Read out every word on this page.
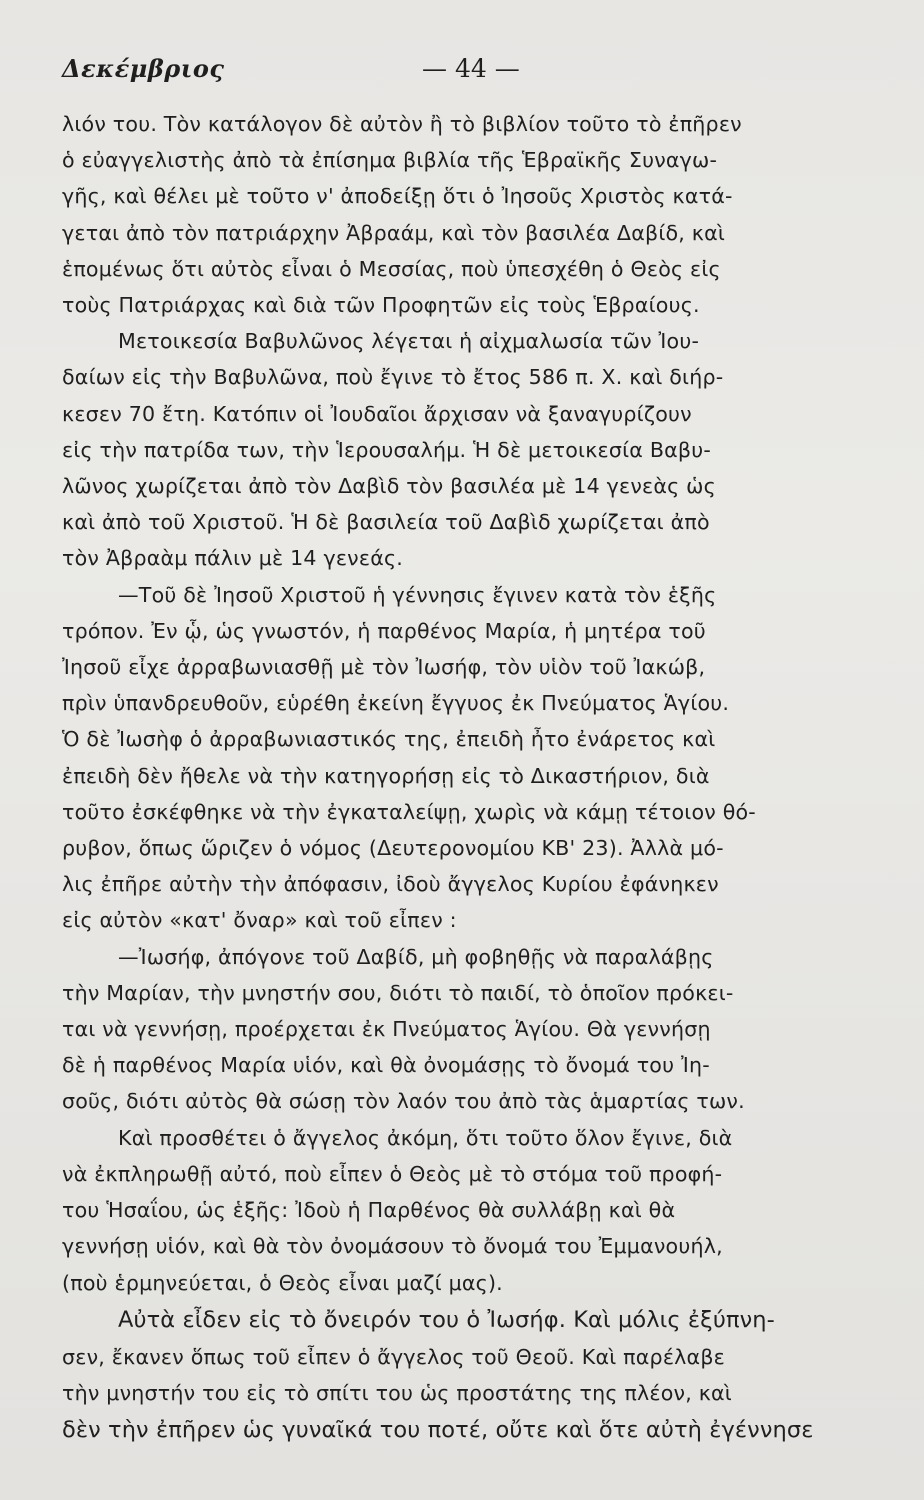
Δεκέμβριος	— 44 —
λιόν του. Τὸν κατάλογον δὲ αὐτὸν ἢ τὸ βιβλίον τοῦτο τὸ ἐπῆρεν
ὁ εὐαγγελιστὴς ἀπὸ τὰ ἐπίσημα βιβλία τῆς Ἑβραϊκῆς Συναγω-
γῆς, καὶ θέλει μὲ τοῦτο ν' ἀποδείξῃ ὅτι ὁ Ἰησοῦς Χριστὸς κατά-
γεται ἀπὸ τὸν πατριάρχην Ἀβραάμ, καὶ τὸν βασιλέα Δαβίδ, καὶ
ἑπομένως ὅτι αὐτὸς εἶναι ὁ Μεσσίας, ποὺ ὑπεσχέθη ὁ Θεὸς εἰς
τοὺς Πατριάρχας καὶ διὰ τῶν Προφητῶν εἰς τοὺς Ἑβραίους.
Μετοικεσία Βαβυλῶνος λέγεται ἡ αἰχμαλωσία τῶν Ἰου-
δαίων εἰς τὴν Βαβυλῶνα, ποὺ ἔγινε τὸ ἔτος 586 π. Χ. καὶ διήρ-
κεσεν 70 ἔτη. Κατόπιν οἱ Ἰουδαῖοι ἄρχισαν νὰ ξαναγυρίζουν
εἰς τὴν πατρίδα των, τὴν Ἱερουσαλήμ. Ἡ δὲ μετοικεσία Βαβυ-
λῶνος χωρίζεται ἀπὸ τὸν Δαβὶδ τὸν βασιλέα μὲ 14 γενεὰς ὡς
καὶ ἀπὸ τοῦ Χριστοῦ. Ἡ δὲ βασιλεία τοῦ Δαβὶδ χωρίζεται ἀπὸ
τὸν Ἀβραὰμ πάλιν μὲ 14 γενεάς.
—Τοῦ δὲ Ἰησοῦ Χριστοῦ ἡ γέννησις ἔγινεν κατὰ τὸν ἑξῆς
τρόπον. Ἐν ᾧ, ὡς γνωστόν, ἡ παρθένος Μαρία, ἡ μητέρα τοῦ
Ἰησοῦ εἶχε ἀρραβωνιασθῇ μὲ τὸν Ἰωσήφ, τὸν υἱὸν τοῦ Ἰακώβ,
πρὶν ὑπανδρευθοῦν, εὑρέθη ἐκείνη ἔγγυος ἐκ Πνεύματος Ἁγίου.
Ὁ δὲ Ἰωσὴφ ὁ ἀρραβωνιαστικός της, ἐπειδὴ ἦτο ἐνάρετος καὶ
ἐπειδὴ δὲν ἤθελε νὰ τὴν κατηγορήσῃ εἰς τὸ Δικαστήριον, διὰ
τοῦτο ἐσκέφθηκε νὰ τὴν ἐγκαταλείψῃ, χωρὶς νὰ κάμῃ τέτοιον θό-
ρυβον, ὅπως ὥριζεν ὁ νόμος (Δευτερονομίου ΚΒ' 23). Ἀλλὰ μό-
λις ἐπῆρε αὐτὴν τὴν ἀπόφασιν, ἰδοὺ ἄγγελος Κυρίου ἐφάνηκεν
εἰς αὐτὸν «κατ' ὄναρ» καὶ τοῦ εἶπεν :
—Ἰωσήφ, ἀπόγονε τοῦ Δαβίδ, μὴ φοβηθῇς νὰ παραλάβῃς
τὴν Μαρίαν, τὴν μνηστήν σου, διότι τὸ παιδί, τὸ ὁποῖον πρόκει-
ται νὰ γεννήσῃ, προέρχεται ἐκ Πνεύματος Ἁγίου. Θὰ γεννήσῃ
δὲ ἡ παρθένος Μαρία υἱόν, καὶ θὰ ὀνομάσῃς τὸ ὄνομά του Ἰη-
σοῦς, διότι αὐτὸς θὰ σώσῃ τὸν λαόν του ἀπὸ τὰς ἁμαρτίας των.
Καὶ προσθέτει ὁ ἄγγελος ἀκόμη, ὅτι τοῦτο ὅλον ἔγινε, διὰ
νὰ ἐκπληρωθῇ αὐτό, ποὺ εἶπεν ὁ Θεὸς μὲ τὸ στόμα τοῦ προφή-
του Ἡσαΐου, ὡς ἑξῆς: Ἰδοὺ ἡ Παρθένος θὰ συλλάβῃ καὶ θὰ
γεννήσῃ υἱόν, καὶ θὰ τὸν ὀνομάσουν τὸ ὄνομά του Ἐμμανουήλ,
(ποὺ ἑρμηνεύεται, ὁ Θεὸς εἶναι μαζί μας).
Αὐτὰ εἶδεν εἰς τὸ ὄνειρόν του ὁ Ἰωσήφ. Καὶ μόλις ἐξύπνη-
σεν, ἔκανεν ὅπως τοῦ εἶπεν ὁ ἄγγελος τοῦ Θεοῦ. Καὶ παρέλαβε
τὴν μνηστήν του εἰς τὸ σπίτι του ὡς προστάτης της πλέον, καὶ
δὲν τὴν ἐπῆρεν ὡς γυναῖκά του ποτέ, οὔτε καὶ ὅτε αὐτὴ ἐγέννησε
